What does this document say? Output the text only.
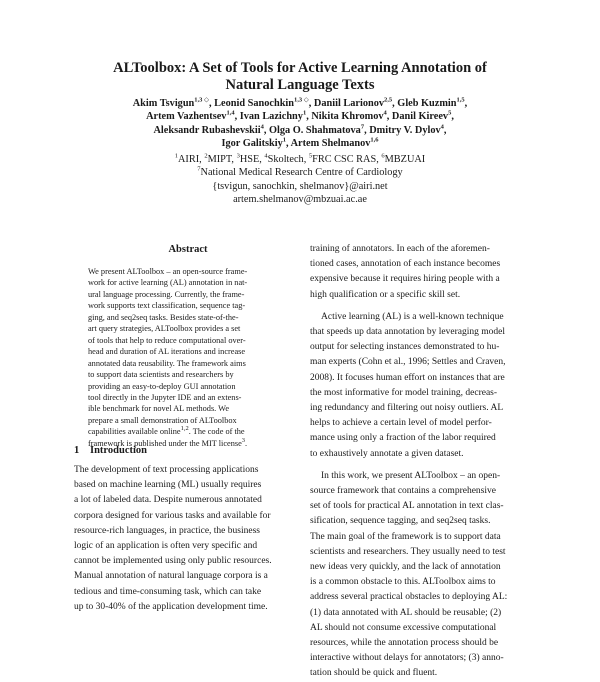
ALToolbox: A Set of Tools for Active Learning Annotation of
Natural Language Texts
Akim Tsvigun$^{1,3 ◇}$, Leonid Sanochkin$^{1,3 ◇}$, Daniil Larionov$^{2,5}$, Gleb Kuzmin$^{1,5}$,
Artem Vazhentsev$^{1,4}$, Ivan Lazichny$^1$, Nikita Khromov$^4$, Danil Kireev$^5$,
Aleksandr Rubashevskii$^4$, Olga O. Shahmatova$^7$, Dmitry V. Dylov$^4$,
Igor Galitskiy$^1$, Artem Shelmanov$^{1,6}$
$^1$AIRI, $^2$MIPT, $^3$HSE, $^4$Skoltech, $^5$FRC CSC RAS, $^6$MBZUAI
$^7$National Medical Research Centre of Cardiology
{tsvigun, sanochkin, shelmanov}@airi.net
artem.shelmanov@mbzuai.ac.ae
Abstract
We present ALToolbox – an open-source frame-
work for active learning (AL) annotation in nat-
ural language processing. Currently, the frame-
work supports text classification, sequence tag-
ging, and seq2seq tasks. Besides state-of-the-
art query strategies, ALToolbox provides a set
of tools that help to reduce computational over-
head and duration of AL iterations and increase
annotated data reusability. The framework aims
to support data scientists and researchers by
providing an easy-to-deploy GUI annotation
tool directly in the Jupyter IDE and an extens-
ible benchmark for novel AL methods. We
prepare a small demonstration of ALToolbox
capabilities available online$^{1,2}$. The code of the
framework is published under the MIT license$^3$.
1 Introduction
The development of text processing applications
based on machine learning (ML) usually requires
a lot of labeled data. Despite numerous annotated
corpora designed for various tasks and available for
resource-rich languages, in practice, the business
logic of an application is often very specific and
cannot be implemented using only public resources.
Manual annotation of natural language corpora is a
tedious and time-consuming task, which can take
up to 30-40% of the application development time.
training of annotators. In each of the aforemen-
tioned cases, annotation of each instance becomes
expensive because it requires hiring people with a
high qualification or a specific skill set.
Active learning (AL) is a well-known technique
that speeds up data annotation by leveraging model
output for selecting instances demonstrated to hu-
man experts (Cohn et al., 1996; Settles and Craven,
2008). It focuses human effort on instances that are
the most informative for model training, decreas-
ing redundancy and filtering out noisy outliers. AL
helps to achieve a certain level of model perfor-
mance using only a fraction of the labor required
to exhaustively annotate a given dataset.
In this work, we present ALToolbox – an open-
source framework that contains a comprehensive
set of tools for practical AL annotation in text clas-
sification, sequence tagging, and seq2seq tasks.
The main goal of the framework is to support data
scientists and researchers. They usually need to test
new ideas very quickly, and the lack of annotation
is a common obstacle to this. ALToolbox aims to
address several practical obstacles to deploying AL:
(1) data annotated with AL should be reusable; (2)
AL should not consume excessive computational
resources, while the annotation process should be
interactive without delays for annotators; (3) anno-
tation should be quick and fluent.
